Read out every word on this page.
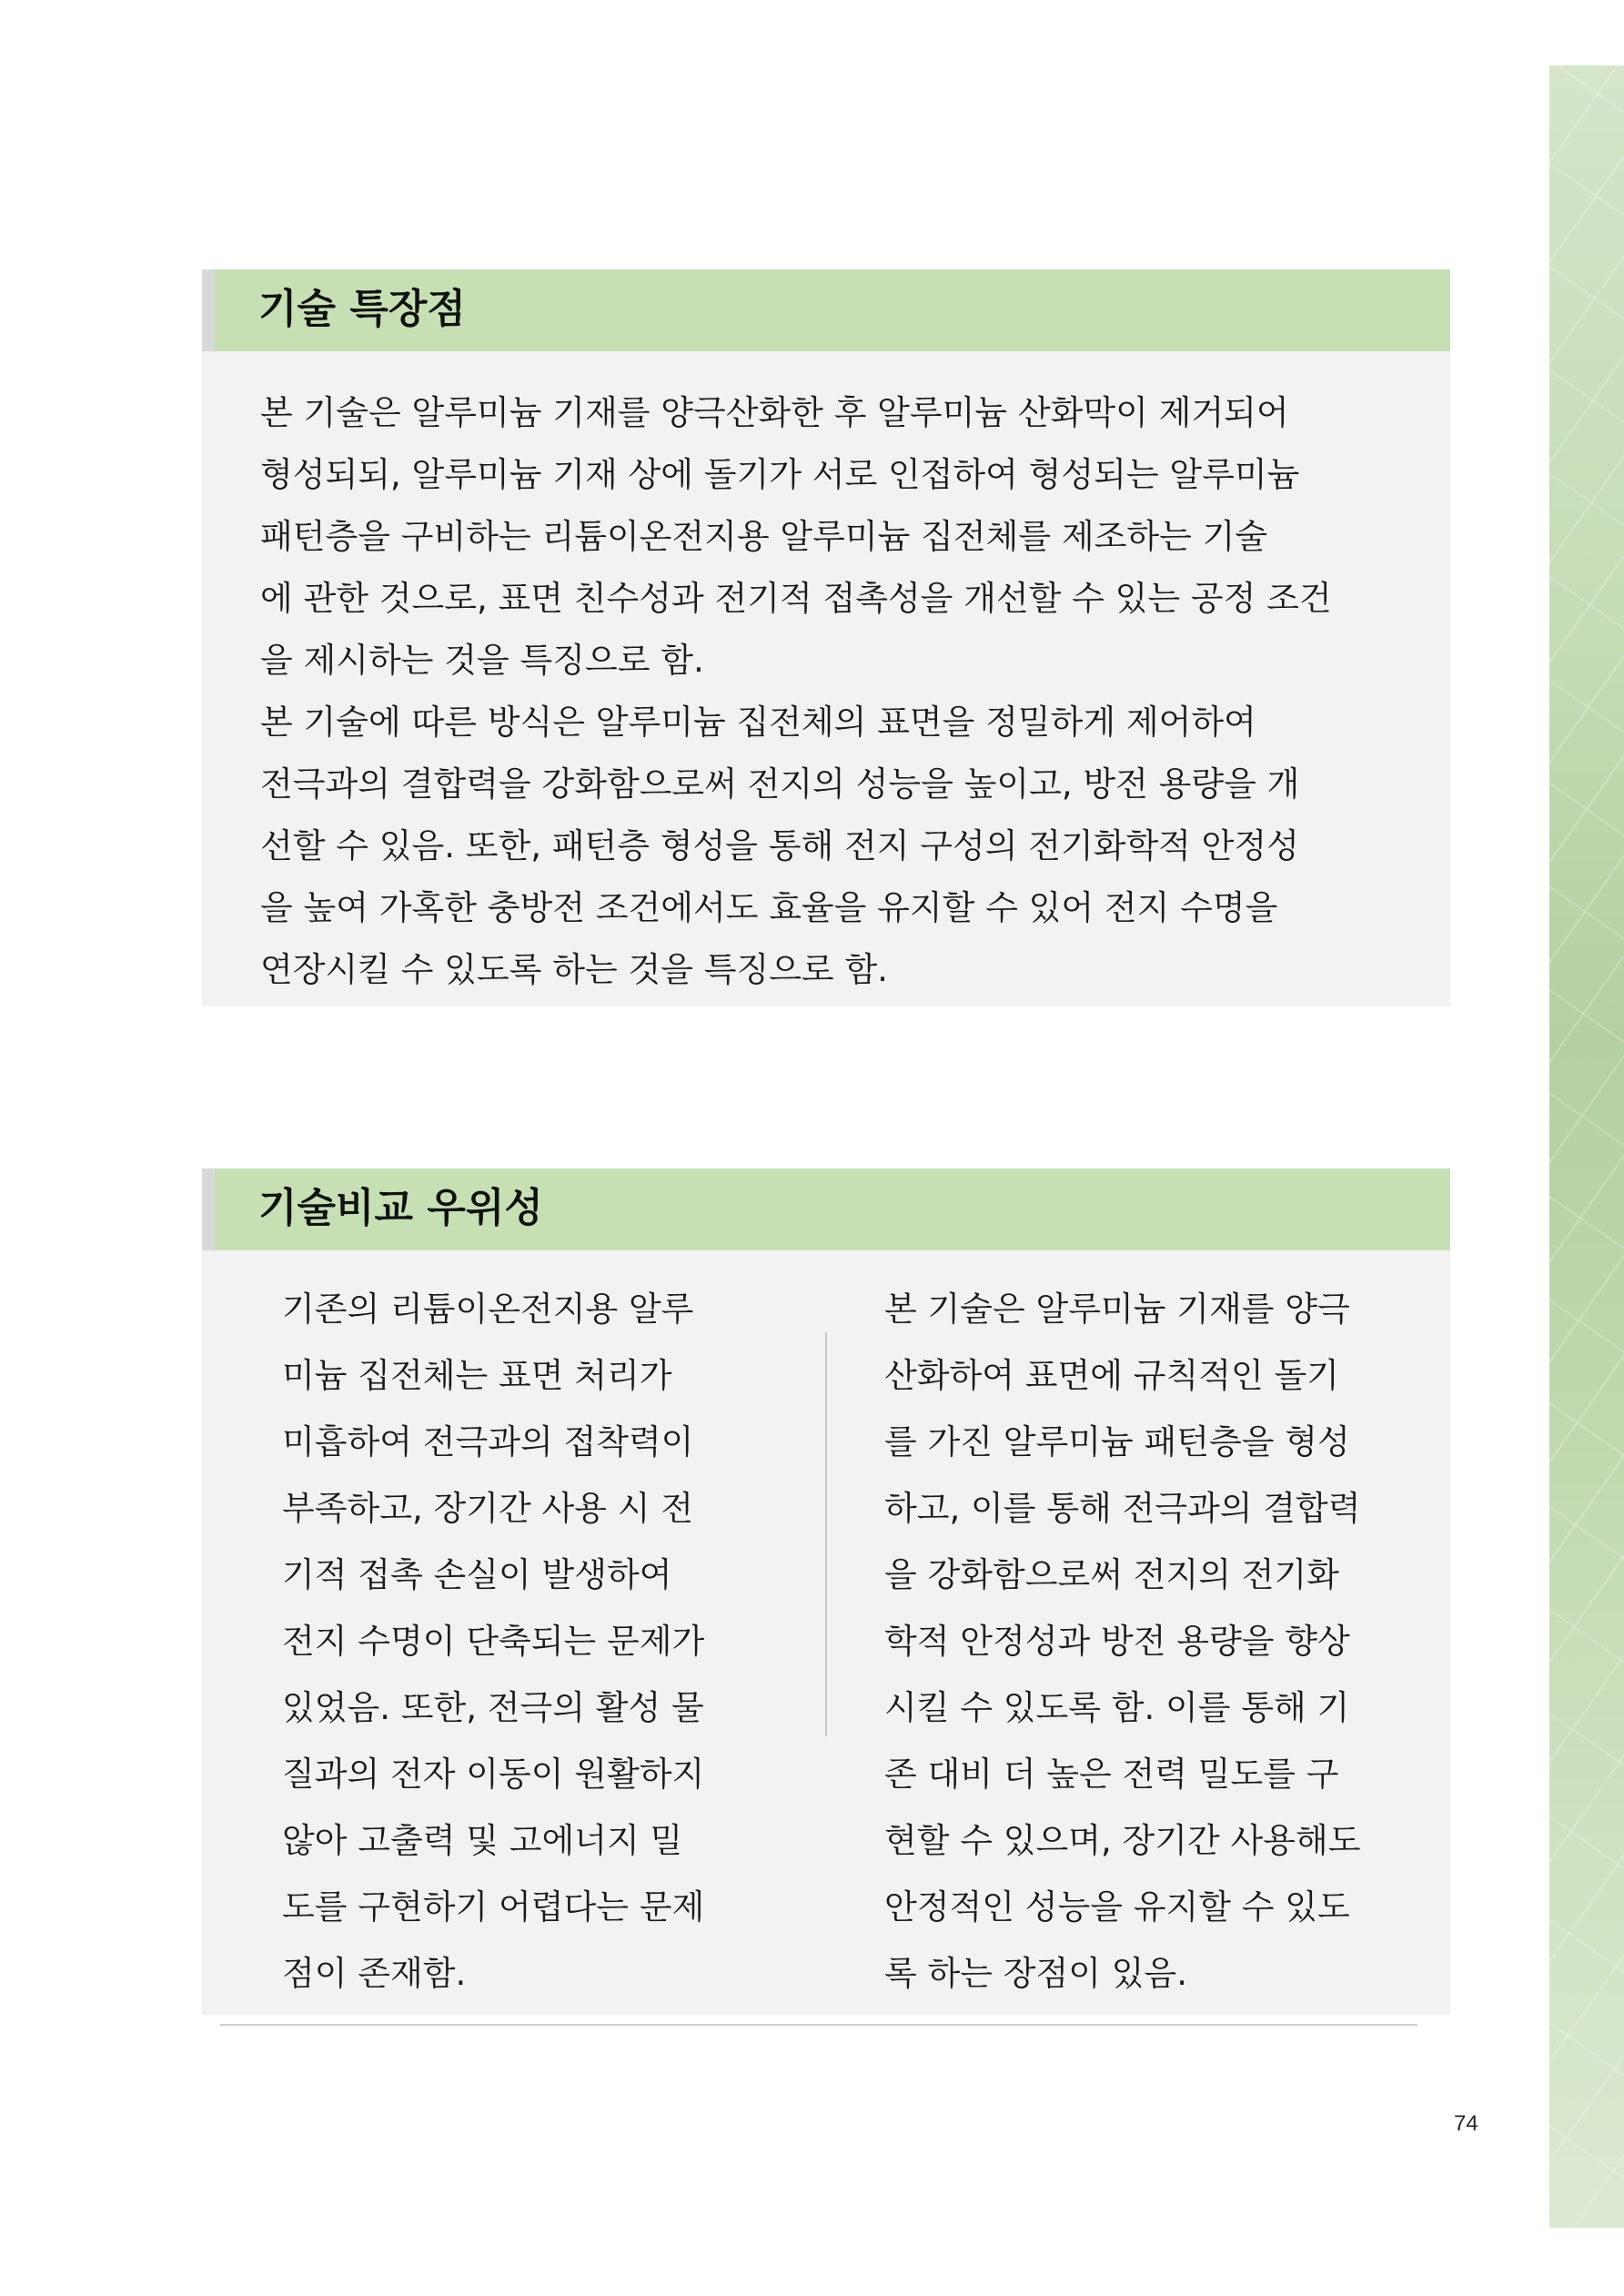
기술 특장점
본 기술은 알루미늄 기재를 양극산화한 후 알루미늄 산화막이 제거되어
형성되되, 알루미늄 기재 상에 돌기가 서로 인접하여 형성되는 알루미늄
패턴층을 구비하는 리튬이온전지용 알루미늄 집전체를 제조하는 기술
에 관한 것으로, 표면 친수성과 전기적 접촉성을 개선할 수 있는 공정 조건
을 제시하는 것을 특징으로 함.
본 기술에 따른 방식은 알루미늄 집전체의 표면을 정밀하게 제어하여
전극과의 결합력을 강화함으로써 전지의 성능을 높이고, 방전 용량을 개
선할 수 있음. 또한, 패턴층 형성을 통해 전지 구성의 전기화학적 안정성
을 높여 가혹한 충방전 조건에서도 효율을 유지할 수 있어 전지 수명을
연장시킬 수 있도록 하는 것을 특징으로 함.
기술비교 우위성
기존의 리튬이온전지용 알루
미늄 집전체는 표면 처리가
미흡하여 전극과의 접착력이
부족하고, 장기간 사용 시 전
기적 접촉 손실이 발생하여
전지 수명이 단축되는 문제가
있었음. 또한, 전극의 활성 물
질과의 전자 이동이 원활하지
않아 고출력 및 고에너지 밀
도를 구현하기 어렵다는 문제
점이 존재함.
본 기술은 알루미늄 기재를 양극
산화하여 표면에 규칙적인 돌기
를 가진 알루미늄 패턴층을 형성
하고, 이를 통해 전극과의 결합력
을 강화함으로써 전지의 전기화
학적 안정성과 방전 용량을 향상
시킬 수 있도록 함. 이를 통해 기
존 대비 더 높은 전력 밀도를 구
현할 수 있으며, 장기간 사용해도
안정적인 성능을 유지할 수 있도
록 하는 장점이 있음.
74
